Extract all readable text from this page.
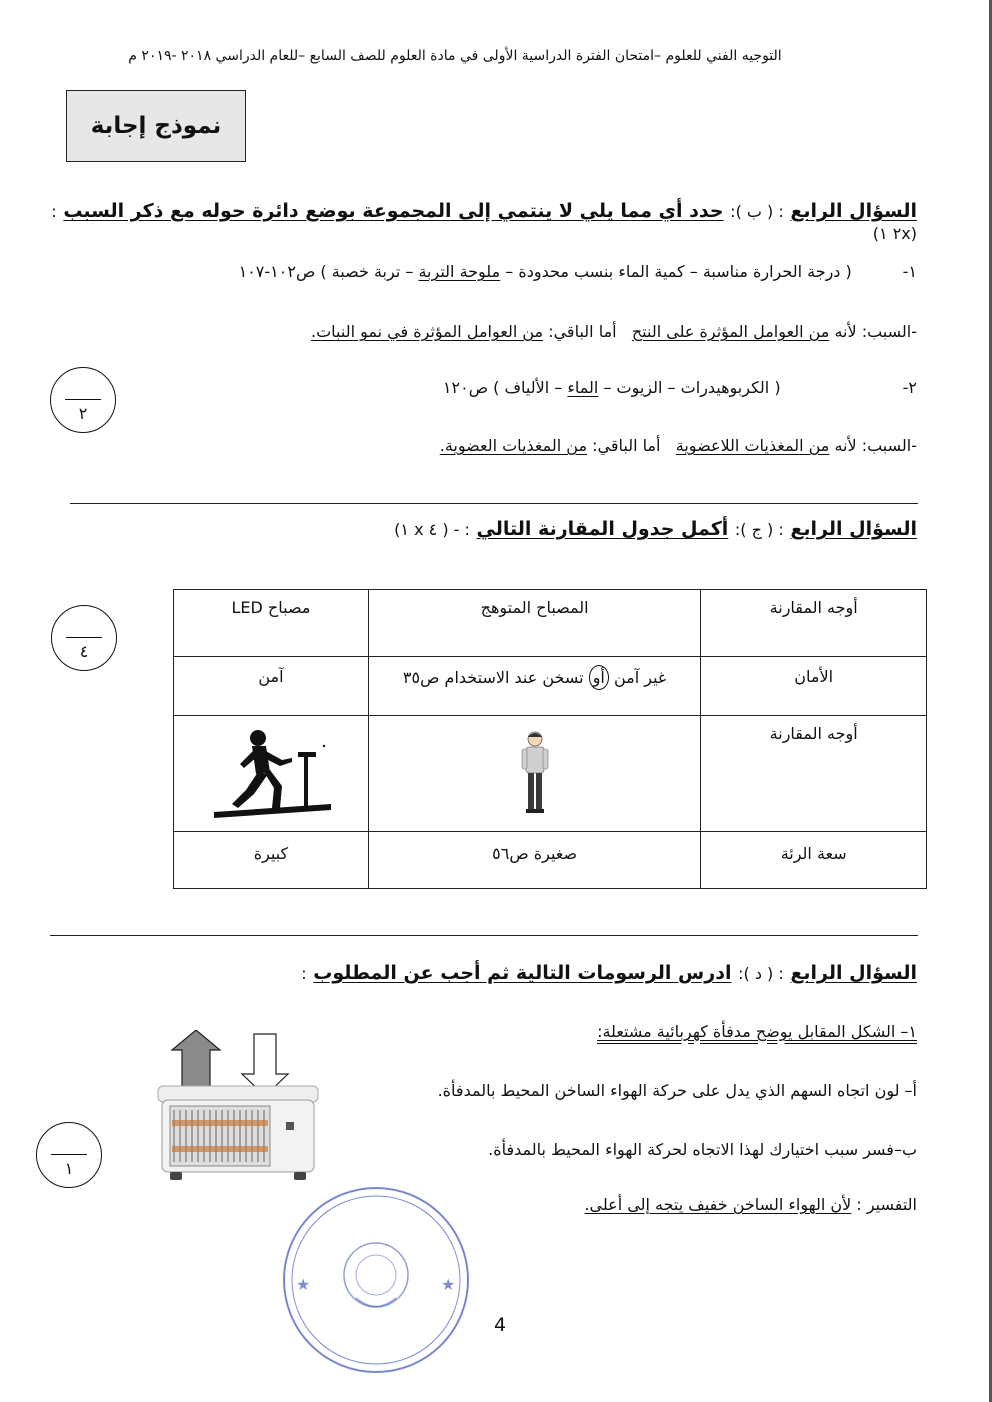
التوجيه الفني للعلوم –امتحان الفترة الدراسية الأولى في مادة العلوم للصف السابع –للعام الدراسي ٢٠١٨ -٢٠١٩ م
نموذج إجابة
السؤال الرابع : ( ب ): حدد أي مما يلي لا ينتمي إلى المجموعة بوضع دائرة حوله مع ذكر السبب :(٢x ١)
١-          ( درجة الحرارة مناسبة – كمية الماء بنسب محدودة – ملوحة التربة – تربة خصبة ) ص١٠٢-١٠٧
-السبب: لأنه من العوامل المؤثرة على النتح   أما الباقي: من العوامل المؤثرة في نمو النبات.
٢-                        ( الكربوهيدرات – الزيوت – الماء – الألياف ) ص١٢٠
-السبب: لأنه من المغذيات اللاعضوية   أما الباقي: من المغذيات العضوية.
٢
السؤال الرابع : ( ج ): أكمل جدول المقارنة التالي : - ( ٤ x ١)
٤
أوجه المقارنة	المصباح المتوهج	مصباح LED
الأمان	غير آمن أو تسخن عند الاستخدام ص٣٥	آمن
أوجه المقارنة		
سعة الرئة	صغيرة ص٥٦	كبيرة
السؤال الرابع : ( د ): ادرس الرسومات التالية ثم أجب عن المطلوب :
١– الشكل المقابل يوضح مدفأة كهربائية مشتعلة:
أ– لون اتجاه السهم الذي يدل على حركة الهواء الساخن المحيط بالمدفأة.
ب–فسر سبب اختيارك لهذا الاتجاه لحركة الهواء المحيط بالمدفأة.
التفسير : لأن الهواء الساخن خفيف يتجه إلى أعلى.
١
★	★
4
